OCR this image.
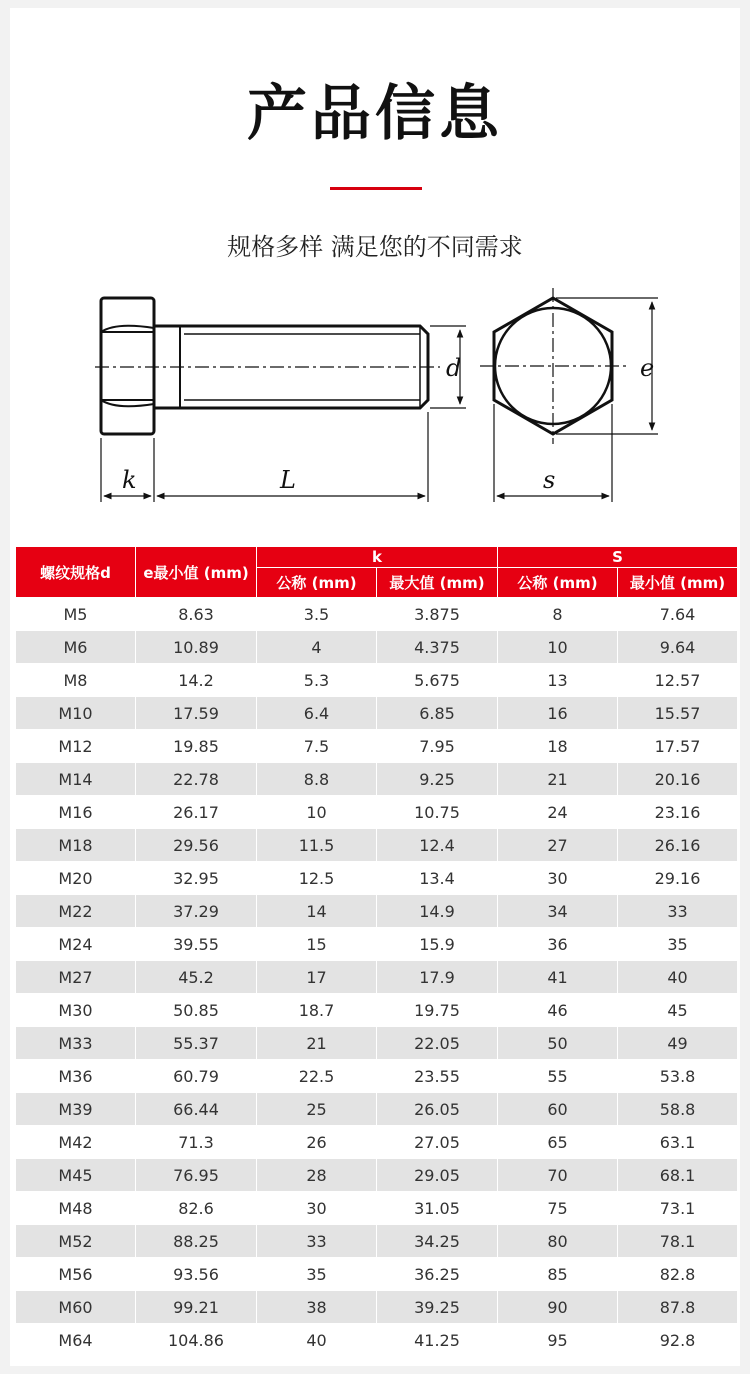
产品信息
规格多样 满足您的不同需求
d
k	L
e
s
螺纹规格d	e最小值 (mm)	k		S	
		公称 (mm)	最大值 (mm)	公称 (mm)	最小值 (mm)
M5	8.63	3.5	3.875	8	7.64
M6	10.89	4	4.375	10	9.64
M8	14.2	5.3	5.675	13	12.57
M10	17.59	6.4	6.85	16	15.57
M12	19.85	7.5	7.95	18	17.57
M14	22.78	8.8	9.25	21	20.16
M16	26.17	10	10.75	24	23.16
M18	29.56	11.5	12.4	27	26.16
M20	32.95	12.5	13.4	30	29.16
M22	37.29	14	14.9	34	33
M24	39.55	15	15.9	36	35
M27	45.2	17	17.9	41	40
M30	50.85	18.7	19.75	46	45
M33	55.37	21	22.05	50	49
M36	60.79	22.5	23.55	55	53.8
M39	66.44	25	26.05	60	58.8
M42	71.3	26	27.05	65	63.1
M45	76.95	28	29.05	70	68.1
M48	82.6	30	31.05	75	73.1
M52	88.25	33	34.25	80	78.1
M56	93.56	35	36.25	85	82.8
M60	99.21	38	39.25	90	87.8
M64	104.86	40	41.25	95	92.8
